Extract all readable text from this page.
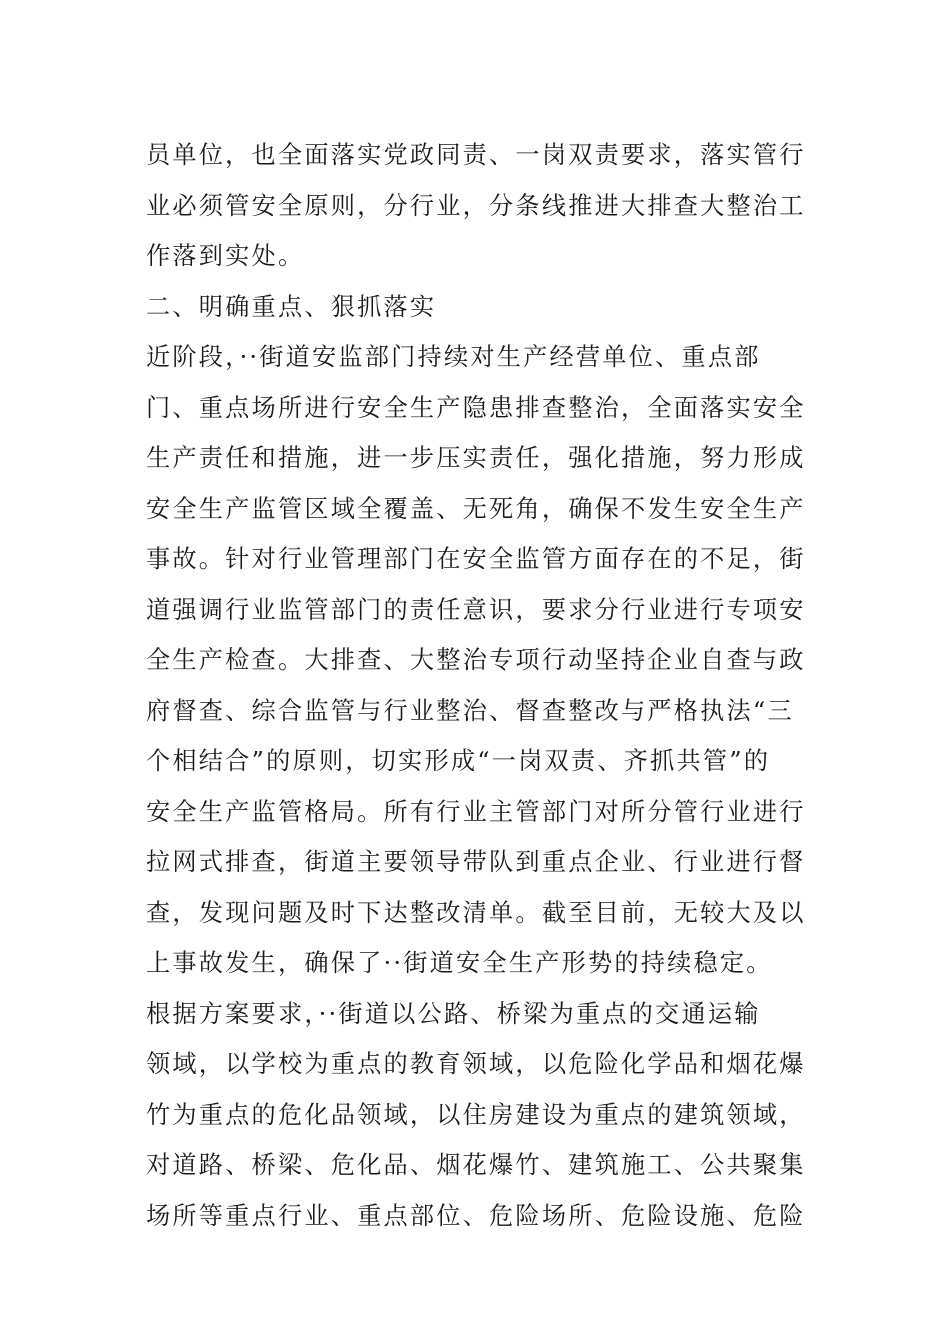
员单位，也全面落实党政同责、一岗双责要求，落实管行
业必须管安全原则，分行业，分条线推进大排查大整治工
作落到实处。
二、明确重点、狠抓落实
近阶段，··街道安监部门持续对生产经营单位、重点部
门、重点场所进行安全生产隐患排查整治，全面落实安全
生产责任和措施，进一步压实责任，强化措施，努力形成
安全生产监管区域全覆盖、无死角，确保不发生安全生产
事故。针对行业管理部门在安全监管方面存在的不足，街
道强调行业监管部门的责任意识，要求分行业进行专项安
全生产检查。大排查、大整治专项行动坚持企业自查与政
府督查、综合监管与行业整治、督查整改与严格执法“三
个相结合”的原则，切实形成“一岗双责、齐抓共管”的
安全生产监管格局。所有行业主管部门对所分管行业进行
拉网式排查，街道主要领导带队到重点企业、行业进行督
查，发现问题及时下达整改清单。截至目前，无较大及以
上事故发生，确保了··街道安全生产形势的持续稳定。
根据方案要求，··街道以公路、桥梁为重点的交通运输
领域，以学校为重点的教育领域，以危险化学品和烟花爆
竹为重点的危化品领域，以住房建设为重点的建筑领域，
对道路、桥梁、危化品、烟花爆竹、建筑施工、公共聚集
场所等重点行业、重点部位、危险场所、危险设施、危险
